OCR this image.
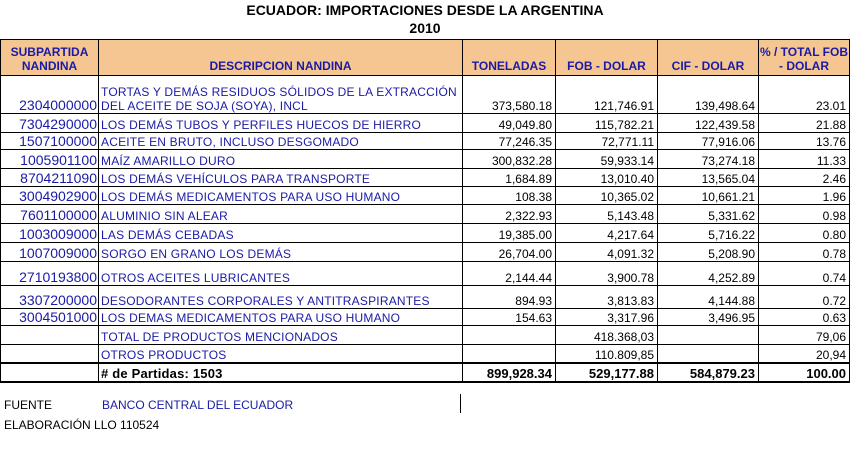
ECUADOR: IMPORTACIONES DESDE LA ARGENTINA
2010
SUBPARTIDA NANDINA	DESCRIPCION NANDINA	TONELADAS	FOB - DOLAR	CIF - DOLAR	% / TOTAL FOB - DOLAR
2304000000	TORTAS Y DEMÁS RESIDUOS SÓLIDOS DE LA EXTRACCIÓN DEL ACEITE DE SOJA (SOYA), INCL	373,580.18	121,746.91	139,498.64	23.01
7304290000	LOS DEMÁS TUBOS Y PERFILES HUECOS DE HIERRO	49,049.80	115,782.21	122,439.58	21.88
1507100000	ACEITE EN BRUTO, INCLUSO DESGOMADO	77,246.35	72,771.11	77,916.06	13.76
1005901100	MAÍZ AMARILLO DURO	300,832.28	59,933.14	73,274.18	11.33
8704211090	LOS DEMÁS VEHÍCULOS PARA TRANSPORTE	1,684.89	13,010.40	13,565.04	2.46
3004902900	LOS DEMÁS MEDICAMENTOS PARA USO HUMANO	108.38	10,365.02	10,661.21	1.96
7601100000	ALUMINIO SIN ALEAR	2,322.93	5,143.48	5,331.62	0.98
1003009000	LAS DEMÁS CEBADAS	19,385.00	4,217.64	5,716.22	0.80
1007009000	SORGO EN GRANO LOS DEMÁS	26,704.00	4,091.32	5,208.90	0.78
2710193800	OTROS ACEITES LUBRICANTES	2,144.44	3,900.78	4,252.89	0.74
3307200000	DESODORANTES CORPORALES Y ANTITRASPIRANTES	894.93	3,813.83	4,144.88	0.72
3004501000	LOS DEMAS MEDICAMENTOS PARA USO HUMANO	154.63	3,317.96	3,496.95	0.63
	TOTAL DE PRODUCTOS MENCIONADOS		418.368,03		79,06
	OTROS PRODUCTOS		110.809,85		20,94
	# de Partidas: 1503	899,928.34	529,177.88	584,879.23	100.00
FUENTE	BANCO CENTRAL DEL ECUADOR
ELABORACIÓN LLO 110524
